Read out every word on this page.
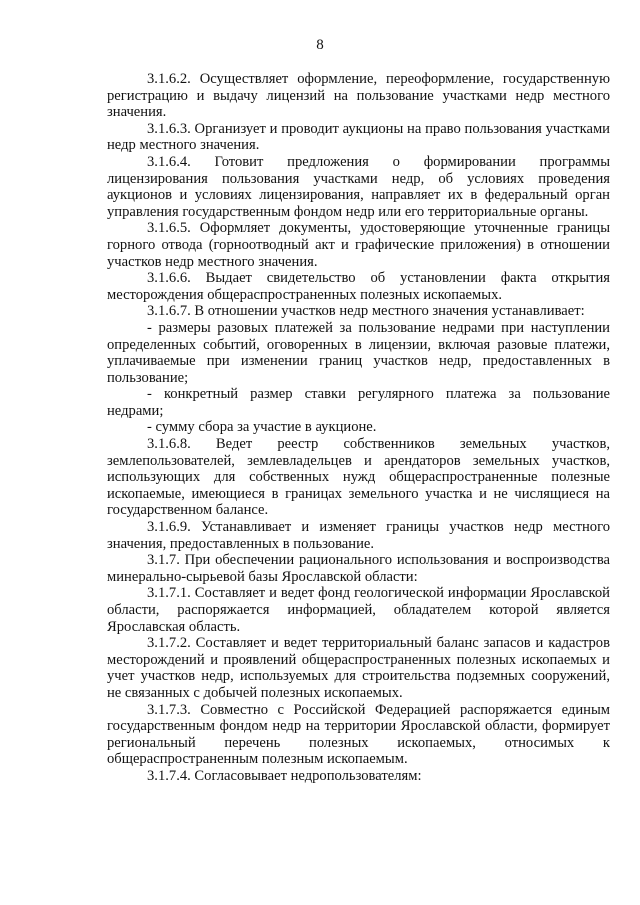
8

3.1.6.2. Осуществляет оформление, переоформление, государственную регистрацию и выдачу лицензий на пользование участками недр местного значения.

3.1.6.3. Организует и проводит аукционы на право пользования участками недр местного значения.

3.1.6.4. Готовит предложения о формировании программы лицензирования пользования участками недр, об условиях проведения аукционов и условиях лицензирования, направляет их в федеральный орган управления государственным фондом недр или его территориальные органы.

3.1.6.5. Оформляет документы, удостоверяющие уточненные границы горного отвода (горноотводный акт и графические приложения) в отношении участков недр местного значения.

3.1.6.6. Выдает свидетельство об установлении факта открытия месторождения общераспространенных полезных ископаемых.

3.1.6.7. В отношении участков недр местного значения устанавливает:

- размеры разовых платежей за пользование недрами при наступлении определенных событий, оговоренных в лицензии, включая разовые платежи, уплачиваемые при изменении границ участков недр, предоставленных в пользование;

- конкретный размер ставки регулярного платежа за пользование недрами;

- сумму сбора за участие в аукционе.

3.1.6.8. Ведет реестр собственников земельных участков, землепользователей, землевладельцев и арендаторов земельных участков, использующих для собственных нужд общераспространенные полезные ископаемые, имеющиеся в границах земельного участка и не числящиеся на государственном балансе.

3.1.6.9. Устанавливает и изменяет границы участков недр местного значения, предоставленных в пользование.

3.1.7. При обеспечении рационального использования и воспроизводства минерально-сырьевой базы Ярославской области:

3.1.7.1. Составляет и ведет фонд геологической информации Ярославской области, распоряжается информацией, обладателем которой является Ярославская область.

3.1.7.2. Составляет и ведет территориальный баланс запасов и кадастров месторождений и проявлений общераспространенных полезных ископаемых и учет участков недр, используемых для строительства подземных сооружений, не связанных с добычей полезных ископаемых.

3.1.7.3. Совместно с Российской Федерацией распоряжается единым государственным фондом недр на территории Ярославской области, формирует региональный перечень полезных ископаемых, относимых к общераспространенным полезным ископаемым.

3.1.7.4. Согласовывает недропользователям:
